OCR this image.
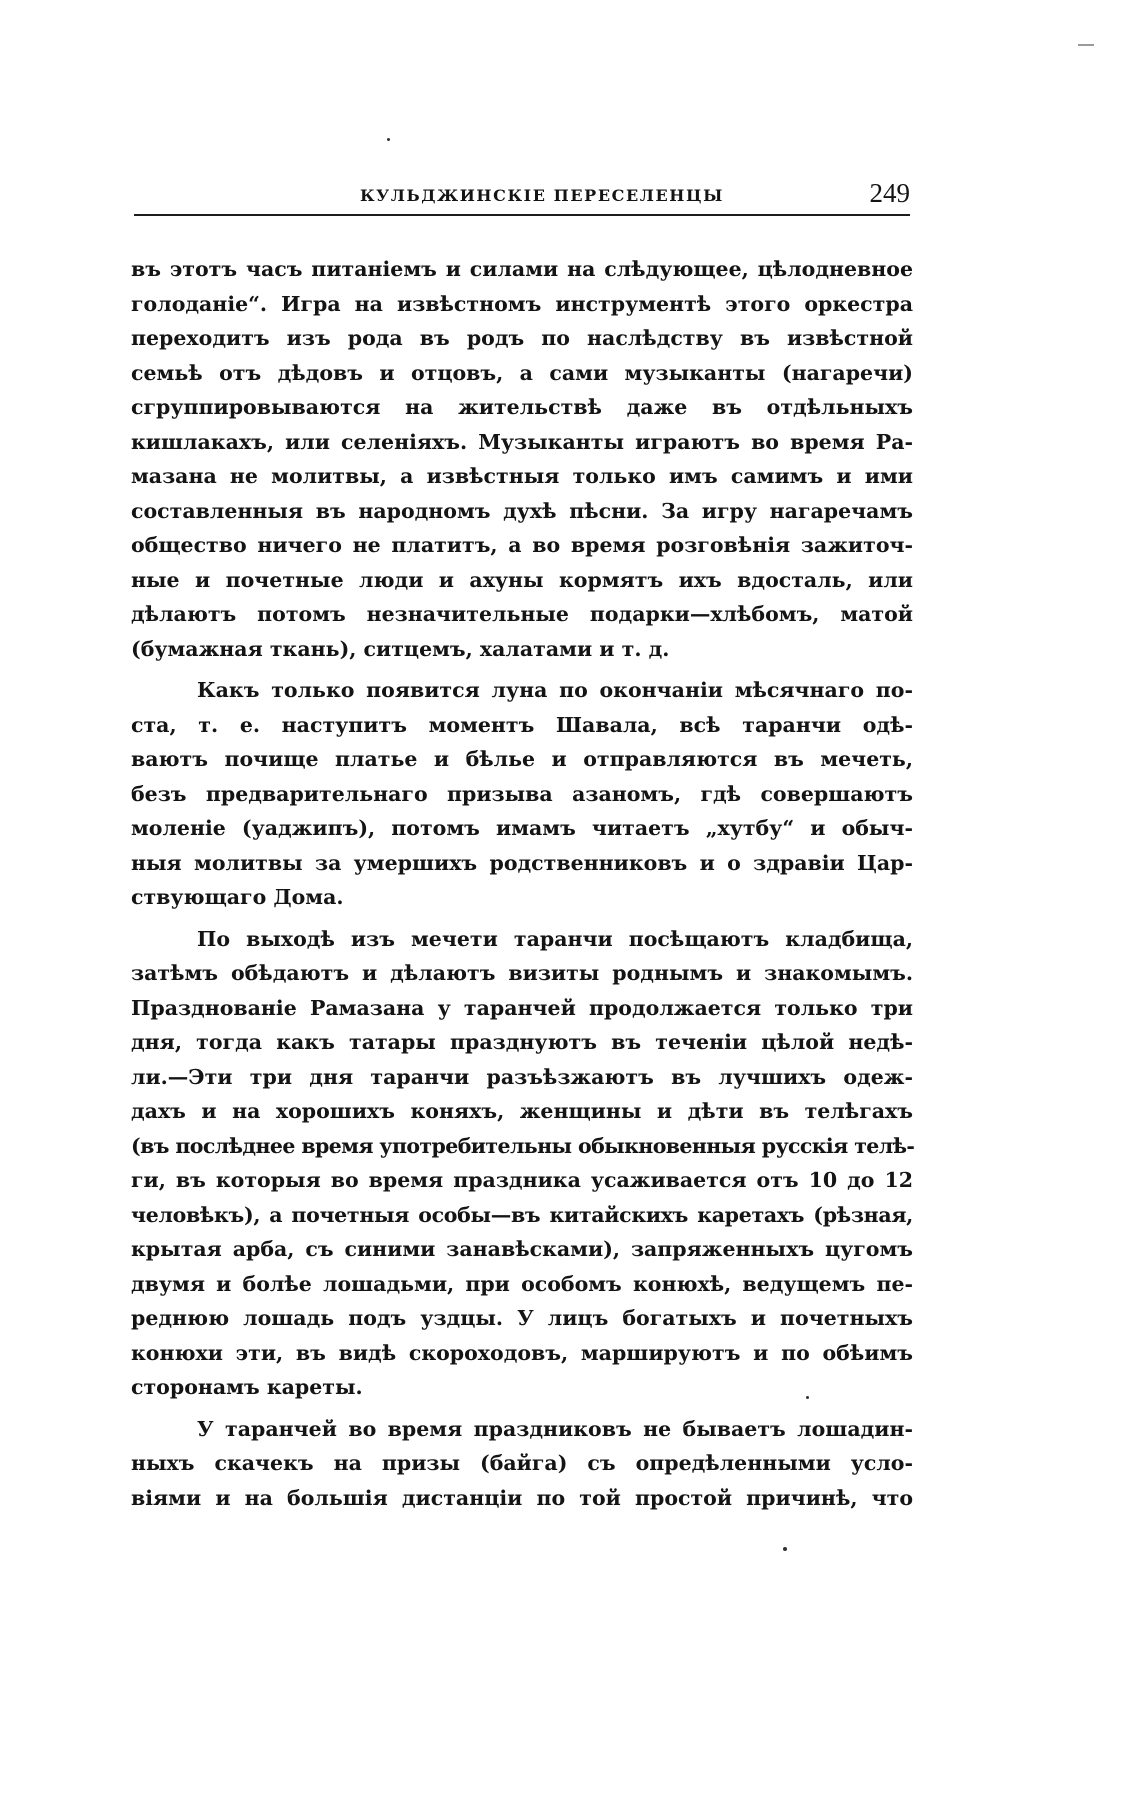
КУЛЬДЖИНСКІЕ ПЕРЕСЕЛЕНЦЫ	249
въ этотъ часъ питаніемъ и силами на слѣдующее, цѣлодневное
голоданіе“. Игра на извѣстномъ инструментѣ этого оркестра
переходитъ изъ рода въ родъ по наслѣдству въ извѣстной
семьѣ отъ дѣдовъ и отцовъ, а сами музыканты (нагаречи)
сгруппировываются на жительствѣ даже въ отдѣльныхъ
кишлакахъ, или селеніяхъ. Музыканты играютъ во время Ра-
мазана не молитвы, а извѣстныя только имъ самимъ и ими
составленныя въ народномъ духѣ пѣсни. За игру нагаречамъ
общество ничего не платитъ, а во время розговѣнія зажиточ-
ные и почетные люди и ахуны кормятъ ихъ вдосталь, или
дѣлаютъ потомъ незначительные подарки—хлѣбомъ, матой
(бумажная ткань), ситцемъ, халатами и т. д.
Какъ только появится луна по окончаніи мѣсячнаго по-
ста, т. е. наступитъ моментъ Шавала, всѣ таранчи одѣ-
ваютъ почище платье и бѣлье и отправляются въ мечеть,
безъ предварительнаго призыва азаномъ, гдѣ совершаютъ
моленіе (уаджипъ), потомъ имамъ читаетъ „хутбу“ и обыч-
ныя молитвы за умершихъ родственниковъ и о здравіи Цар-
ствующаго Дома.
По выходѣ изъ мечети таранчи посѣщаютъ кладбища,
затѣмъ обѣдаютъ и дѣлаютъ визиты роднымъ и знакомымъ.
Празднованіе Рамазана у таранчей продолжается только три
дня, тогда какъ татары празднуютъ въ теченіи цѣлой недѣ-
ли.—Эти три дня таранчи разъѣзжаютъ въ лучшихъ одеж-
дахъ и на хорошихъ коняхъ, женщины и дѣти въ телѣгахъ
(въ послѣднее время употребительны обыкновенныя русскія телѣ-
ги, въ которыя во время праздника усаживается отъ 10 до 12
человѣкъ), а почетныя особы—въ китайскихъ каретахъ (рѣзная,
крытая арба, съ синими занавѣсками), запряженныхъ цугомъ
двумя и болѣе лошадьми, при особомъ конюхѣ, ведущемъ пе-
реднюю лошадь подъ уздцы. У лицъ богатыхъ и почетныхъ
конюхи эти, въ видѣ скороходовъ, маршируютъ и по обѣимъ
сторонамъ кареты.
У таранчей во время праздниковъ не бываетъ лошадин-
ныхъ скачекъ на призы (байга) съ опредѣленными усло-
віями и на большія дистанціи по той простой причинѣ, что
